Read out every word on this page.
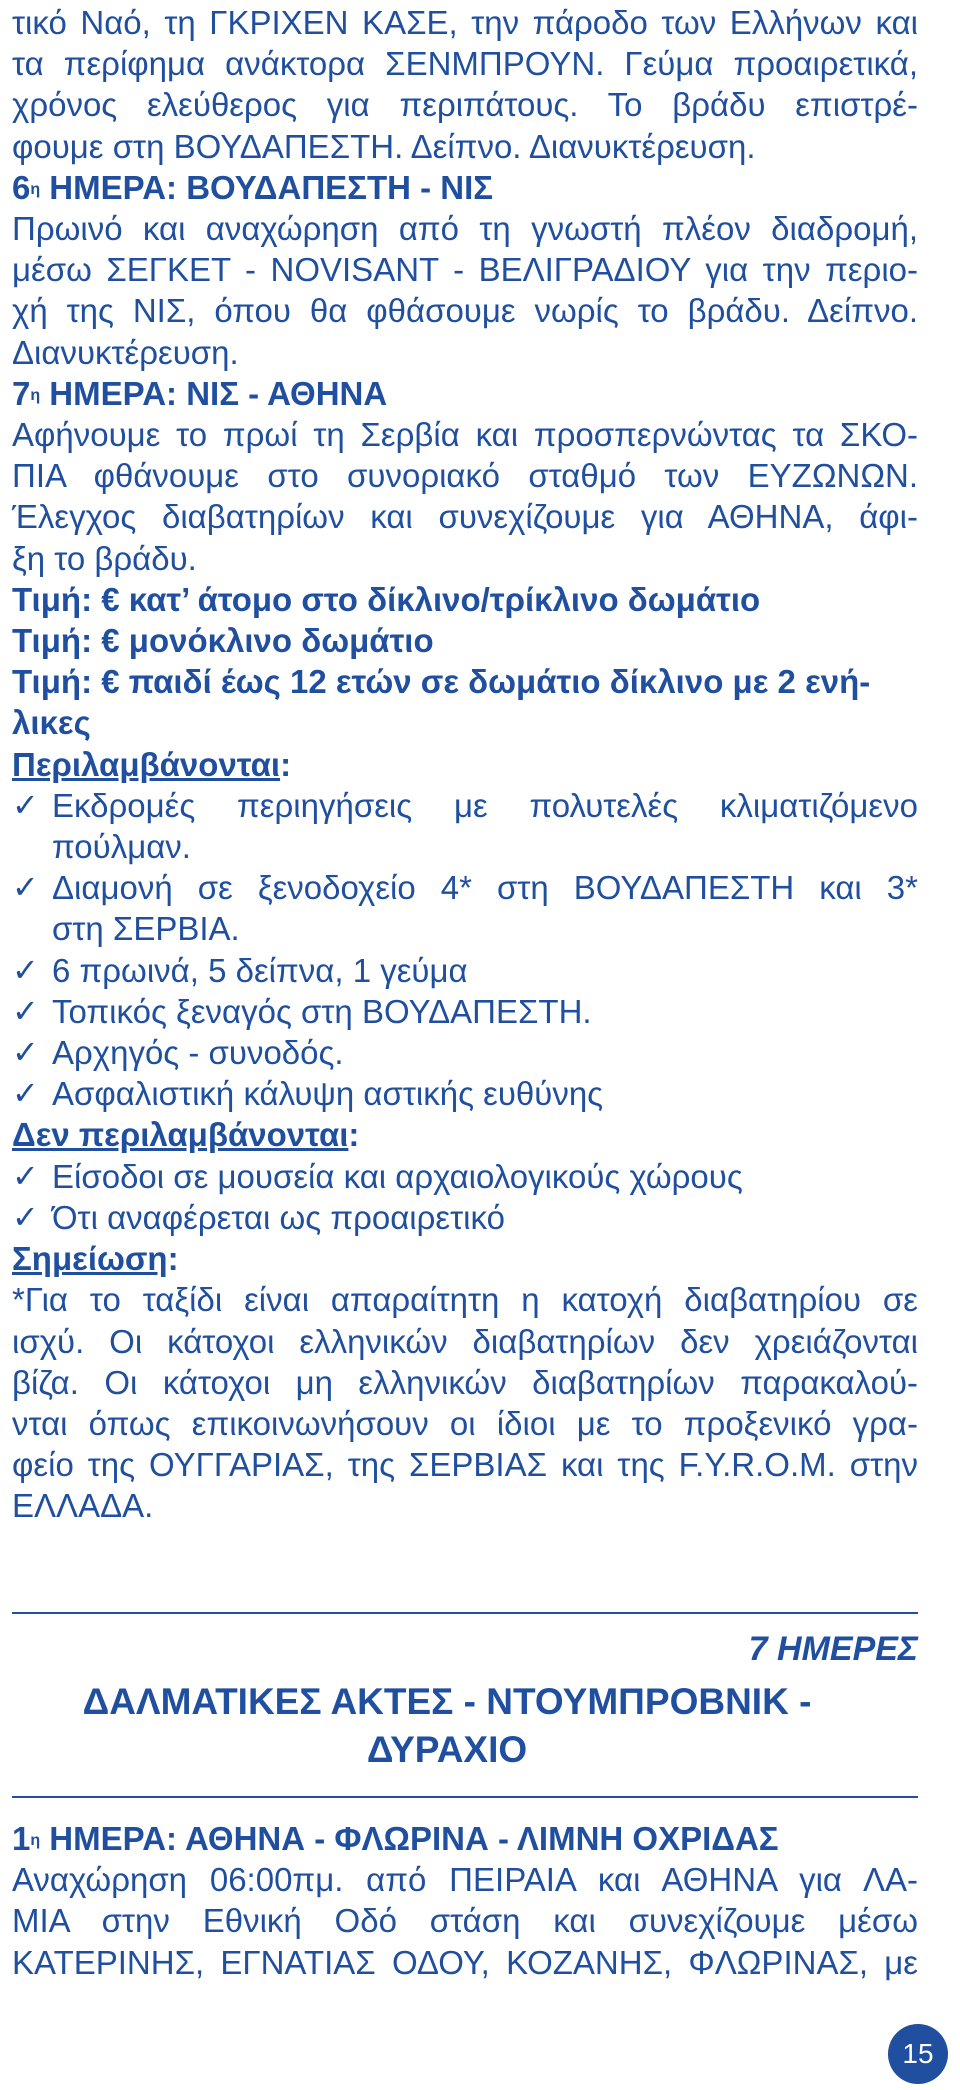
τικό Ναό, τη ΓΚΡΙΧΕΝ ΚΑΣΕ, την πάροδο των Ελλήνων και

τα περίφημα ανάκτορα ΣΕΝΜΠΡΟΥΝ. Γεύμα προαιρετικά,

χρόνος ελεύθερος για περιπάτους. Το βράδυ επιστρέ-

φουμε στη ΒΟΥΔΑΠΕΣΤΗ. Δείπνο. Διανυκτέρευση.

$6^\eta$ ΗΜΕΡΑ: ΒΟΥΔΑΠΕΣΤΗ - ΝΙΣ

Πρωινό και αναχώρηση από τη γνωστή πλέον διαδρομή,

μέσω ΣΕΓΚΕΤ - NOVISANT - ΒΕΛΙΓΡΑΔΙΟΥ για την περιο-

χή της ΝΙΣ, όπου θα φθάσουμε νωρίς το βράδυ. Δείπνο.

Διανυκτέρευση.

$7^\eta$ ΗΜΕΡΑ: ΝΙΣ - ΑΘΗΝΑ

Αφήνουμε το πρωί τη Σερβία και προσπερνώντας τα ΣΚΟ-

ΠΙΑ φθάνουμε στο συνοριακό σταθμό των ΕΥΖΩΝΩΝ.

Έλεγχος διαβατηρίων και συνεχίζουμε για ΑΘΗΝΑ, άφι-

ξη το βράδυ.

Τιμή: € κατ’ άτομο στο δίκλινο/τρίκλινο δωμάτιο

Τιμή: € μονόκλινο δωμάτιο

Τιμή: € παιδί έως 12 ετών σε δωμάτιο δίκλινο με 2 ενή-

λικες

Περιλαμβάνονται:

✓ Εκδρομές περιηγήσεις με πολυτελές κλιματιζόμενο

πούλμαν.

✓ Διαμονή σε ξενοδοχείο 4* στη ΒΟΥΔΑΠΕΣΤΗ και 3*

στη ΣΕΡΒΙΑ.

✓ 6 πρωινά, 5 δείπνα, 1 γεύμα

✓ Τοπικός ξεναγός στη ΒΟΥΔΑΠΕΣΤΗ.

✓ Αρχηγός - συνοδός.

✓ Ασφαλιστική κάλυψη αστικής ευθύνης

Δεν περιλαμβάνονται:

✓ Είσοδοι σε μουσεία και αρχαιολογικούς χώρους

✓ Ότι αναφέρεται ως προαιρετικό

Σημείωση:

*Για το ταξίδι είναι απαραίτητη η κατοχή διαβατηρίου σε

ισχύ. Οι κάτοχοι ελληνικών διαβατηρίων δεν χρειάζονται

βίζα. Οι κάτοχοι μη ελληνικών διαβατηρίων παρακαλού-

νται όπως επικοινωνήσουν οι ίδιοι με το προξενικό γρα-

φείο της ΟΥΓΓΑΡΙΑΣ, της ΣΕΡΒΙΑΣ και της F.Y.R.O.M. στην

ΕΛΛΑΔΑ.

7 ΗΜΕΡΕΣ
ΔΑΛΜΑΤΙΚΕΣ ΑΚΤΕΣ - ΝΤΟΥΜΠΡΟΒΝΙΚ -
ΔΥΡΑΧΙΟ

$1^\eta$ ΗΜΕΡΑ: ΑΘΗΝΑ - ΦΛΩΡΙΝΑ - ΛΙΜΝΗ ΟΧΡΙΔΑΣ

Αναχώρηση 06:00πμ. από ΠΕΙΡΑΙΑ και ΑΘΗΝΑ για ΛΑ-

ΜΙΑ στην Εθνική Οδό στάση και συνεχίζουμε μέσω

ΚΑΤΕΡΙΝΗΣ, ΕΓΝΑΤΙΑΣ ΟΔΟΥ, ΚΟΖΑΝΗΣ, ΦΛΩΡΙΝΑΣ, με

15
